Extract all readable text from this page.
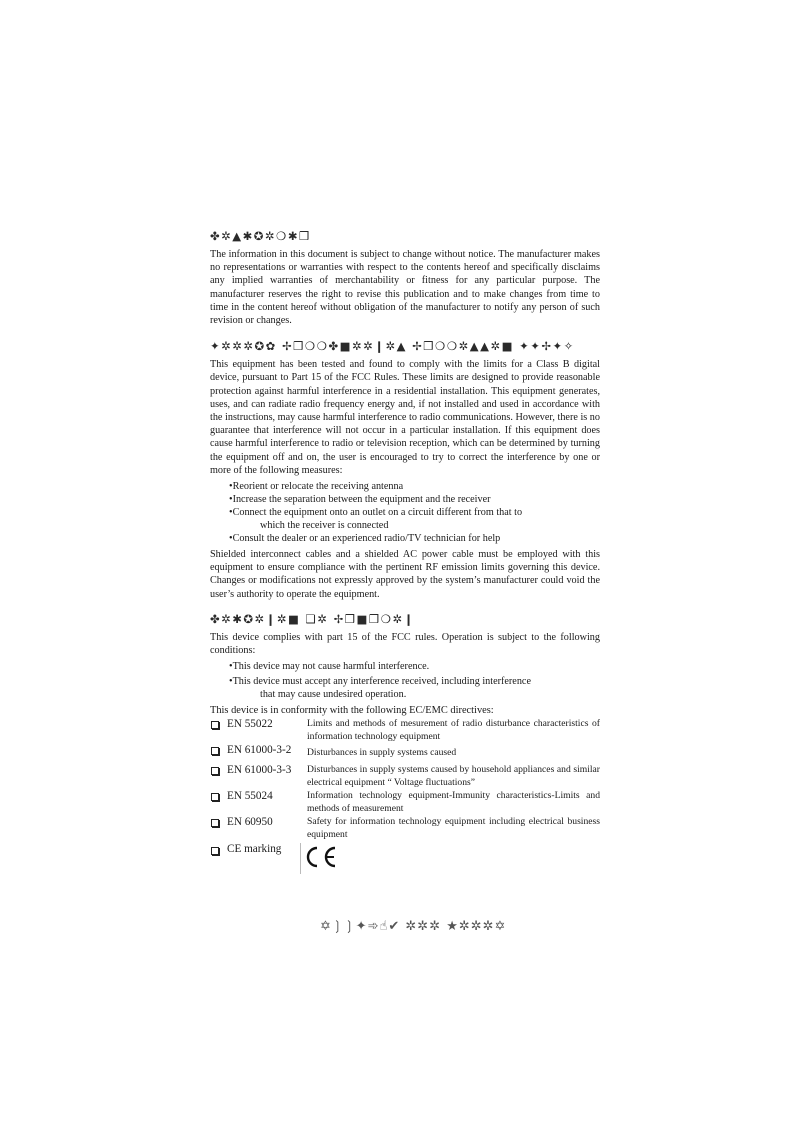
✤✲▲✱✪✲❍✱❒

The information in this document is subject to change without notice. The manufacturer makes no representations or warranties with respect to the contents hereof and specifically disclaims any implied warranties of merchantability or fitness for any particular purpose. The manufacturer reserves the right to revise this publication and to make changes from time to time in the content hereof without obligation of the manufacturer to notify any person of such revision or changes.

✦✲✲✲✪✿ ✢❒❍❍✤■✲✲❙✲▲ ✢❒❍❍✲▲▲✲■ ✦✦✢✦✧

This equipment has been tested and found to comply with the limits for a Class B digital device, pursuant to Part 15 of the FCC Rules. These limits are designed to provide reasonable protection against harmful interference in a residential installation. This equipment generates, uses, and can radiate radio frequency energy and, if not installed and used in accordance with the instructions, may cause harmful interference to radio communications. However, there is no guarantee that interference will not occur in a particular installation. If this equipment does cause harmful interference to radio or television reception, which can be determined by turning the equipment off and on, the user is encouraged to try to correct the interference by one or more of the following measures:

•Reorient or relocate the receiving antenna
•Increase the separation between the equipment and the receiver
•Connect the equipment onto an outlet on a circuit different from that to
which the receiver is connected
•Consult the dealer or an experienced radio/TV technician for help

Shielded interconnect cables and a shielded AC power cable must be employed with this equipment to ensure compliance with the pertinent RF emission limits governing this device. Changes or modifications not expressly approved by the system’s manufacturer could void the user’s authority to operate the equipment.

✤✲✱✪✲❙✲■ ❑✲ ✢❒■❒❍✲❙

This device complies with part 15 of the FCC rules. Operation is subject to the following conditions:

•This device may not cause harmful interference.
•This device must accept any interference received, including interference
that may cause undesired operation.

This device is in conformity with the following EC/EMC directives:

EN 55022	Limits and methods of mesurement of radio disturbance characteristics of information technology equipment
EN 61000-3-2 Disturbances in supply systems caused
EN 61000-3-3 Disturbances in supply systems caused by household appliances and similar electrical equipment “ Voltage fluctuations”
EN 55024	Information technology equipment-Immunity characteristics-Limits and methods of measurement
EN 60950	Safety for information technology equipment including electrical business equipment
CE marking
✡❳❳✦➾☝✔ ✲✲✲ ★✲✲✲✡
